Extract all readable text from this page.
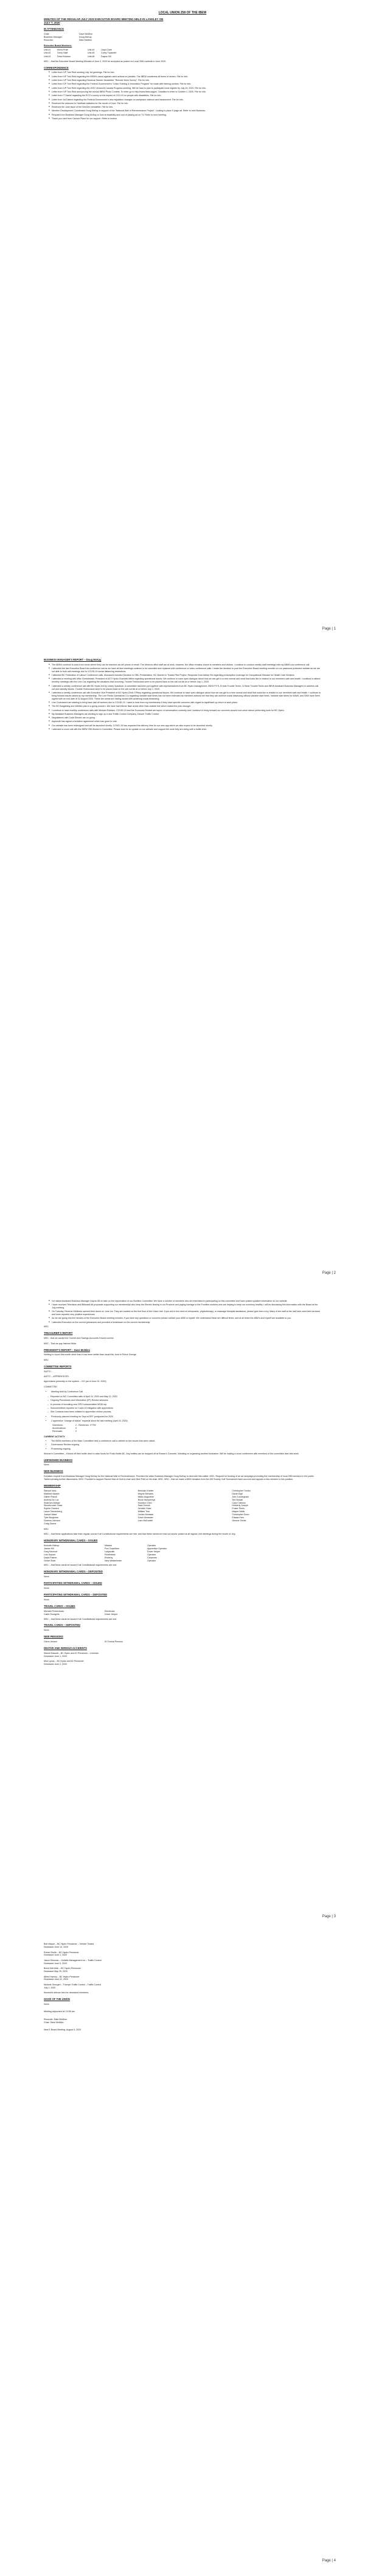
LOCAL UNION 258 OF THE IBEW
MINUTES OF THE REGULAR JULY 2020 EXECUTIVE BOARD MEETING HELD IN LANGLEY ON
JULY 7, 2020
IN ATTENDANCE
Chair:	Dave McMinn
Business Manager:	Doug McKay
Recorder:	Mike McMinn
Executive Board Members:
Unit #1	Kieva Pratt	Unit #4	Lloyd Clark
Unit #2	Gerry Hiatt	Unit #5	Corey Tripsneth
Unit #3	Dean Kolaros	Unit #6	Dayna Gill

MSC – that the Executive Board Meeting Minutes of June 2, 2020 be accepted as posted on Local 258's website in June 2020.

CORRESPONDENCE
■ Letter from IVP Tom Reid sending July 1st greetings. File for info.
■ Letter from IVP Tom Reid regarding the IBEW's stand against racist actions on jobsites. The IBEW condemns all forms of racism. File for info.
■ Letter from IVP Tom Reid regarding Electrical Worker Newsletter "Remote Work Survey". File for info.
■ Letter from IVP Tom Reid regarding the Federal Government's "Union Training & Innovation Program" for trade with training centres. File for info.
■ Letter from IVP Tom Reid regarding the 2020 Virtual All Canada Progress meeting. Will be hard to plan to participate must register by July 24, 2020. File for info.
■ Letter from IVP Tom Reid announcing the annual IBEW Photo Contest. To enter go to http://www.ibew.org/pc/. Deadline to enter is October 1, 2020. File for info.
■ Letter from IT Daniel regarding the ECC's survey on the impact of COV-19 on people with disabilities. File for info.
■ Letter from 1st District regarding the Federal Government's new regulation changes on workplace violence and harassment. File for info.
■ Received the welcome to Hardhats statistics for the month of June. File for info.
■ Received the June issue of the NexGen newsletter. File for info.
■ Member Development Coordinator Doug McKay in support of the "National Wall of Remembrance Project". Looking to place 5 page ad. Refer to next Business.
■ Request from Business Manager Doug McKay to look at feasibility and cost of placing ad on TV. Refer to next meeting.
■ Thank you card from Canuck Place for our support. Refer to motion.
Page | 1
BUSINESS MANAGER'S REPORT – Doug McKay
■ The ABM's continue to work from home where they can be reached via cell phone or email. The Minerva office staff are at work, however, the office remains closed to members and visitors. I continue to conduct weekly staff meetings with my ABM's via conference call.
■ I attended the last Executive Board via conference call as we have all face meetings continue to be cancelled and replaced with conference or video conference calls. I made the decision to post the Executive Board meeting minutes on our password protected website as we are not able to hold unit meetings due to COVID-19 social distancing restrictions.
■ I attended BC Federation of Labour Conference calls, discussed included Decision to GBC Presentation, BC Women in Trades Pilot Project, Response from Adrian Dix regarding presumptive coverage for Occupational Disease for Health Care Workers.
■ I attended a meeting with Mike Chmielewski, President of AGT Hydro Charlotte Mitha regarding operational issues. We continue to have open dialogue about how we can get to a new normal and what that looks like in relation to our members safe and health. I continue to attend monthly meetings with the Line Cos regarding the situations that occurring. Trouble Technicians were to be placed back on the call out list at or before July 1, 2020.
■ I attended a weekly conference call with BC Hydro led by Lesley Spaulsub. A committee has been put together with representatives from BC Hydro management, IBEW FVTL B heat Trouble Techs, 13 Near Trouble Techs and IBEW Assistant Business Managers to address call out and standby issues. Trouble Technicians were to be placed back on the call out list at or before July 1, 2020.
■ I attended a weekly conference call with Executive Vice President of BC Hydro Chris O'Riley regarding operational issues. We continue to have open dialogue about how we can get to a new normal and what that looks like in relation to our members safe and health. I continue to bring forward issues raised by my membership. The Line Fields Operations LCs regarding variable start times has not been extended as members advised me that they can achieve social distancing without variable start times. Variable start times for MAWL and GMV have been signed with an end date of 31 August 2020. These two areas are having issues with achieving social distancing.
■ Line Contractors are starting to bring back laid off workers due to COVID-19. I want to hear from my membership if they have specific concerns with regard to layoff/start up return to work plans.
■ The BC Bargaining and Welfare plan is a going concern. We have had interior flash areas other than outside line which makes the plan stronger.
■ I continue to have monthly conference calls with Minister Robbins. COVID-19 and the Economic Restart are topics of conversation currently and I continue to bring forward our concerns around non-union labour performing work for BC Hydro.
■ My Assistant Business Managers are working to sign up a new Traffic Control Company, Dancer Traffic Control.
■ Negotiations with Code Electric are on going.
■ Asplundh has signed a tentative agreement which has gone to vote.
■ Our website has been redesigned and will be launched shortly. COVID-19 has impacted the delivery time for our new app which we also expect to be launched shortly.
■ I attended a zoom call with the IBEW 258 Women's Committee. Please look for an update on our website and support the work they are doing with a bottle drive.
Page | 2
■ I've asked Assistant Business Manager Dayna Gill to take on the rejuvenation of our Bonfilon Committee. We have a number of members who are interested in participating on this committee and have posted updated information on our website.
■ I have received Television and Billboard Ad proposals supporting our membership who keep the Electric flowing in our Province and paying homage to the Frontline workers who are helping to keep our economy healthy. I will be discussing this information with the Board at the July meeting.
■ On Tuesday, Reverse Wellness opened their doors on June 1st. They are located on the first floor of the Union Hall. If you are in the need of chiropractic, physiotherapy, or massage therapist assistance, please give them a try. Many of the staff at the hall have used their services and have reported very positive experiences.
■ As we are going into the minutes of the Executive Board meeting minutes, if you have any questions or concerns please contact your ABM or myself. We understand these are difficult times, and at all times the ABM's and myself are available to you.
■ I attended Executive on the current grievances and provided a breakdown on the current membership.

MSC

TREASURER'S REPORT

MSC - that we accept the Current and Savings Accounts if found correct.

MSC - That we pay Internet Wide.

PRESIDENT'S REPORT – Dave McMinn

Nothing to report this month other than it has been wetter than usual this June in Prince George.

MSC

COMMITTEE REPORTS

SAFTC: -

AATTC – APPRENTICES:

Apprentices presently on the system – 110 (as of June 24, 2020)

COMMITTEE:

• Meeting held by Conference Call
– Reported on MC Committee calls of April 24, 2020 and May 12, 2020
– Ongoing Procedures and Information (IPI) Review sessions
– In process of recruiting new GPO subcommittee MSW rep
– Subcommittees reported on Covid-19 mitigation with apprentices
– Site Contacts have been initiated to apprentice review process.
• Previously planned meeting for Sept at SFF, postponed for 2020
• 2 apprentice "change of status" requests since the last meeting (April 23, 2020)
Videotions:	2 - Electrician, VTTM
Accelerations:	0
Removals:	0
CURRENT ACTIVITY
• The IBEW members of the Main Committee held a conference call to debrief on the issues that were raised.
• Governance Review ongoing
• Processing ongoing

Women's Committee – Kicked off their bottle drive to raise funds for Fresh Bottle BC. Any bottles can be dropped off at Rowan's Concrete, Wedding on organizing another fundraiser. Will be holding a zoom conference with members of the committee later this week.

UNFINISHED BUSINESS

None.

NEW BUSINESS

Donation request from Business Manager Doug McKay for the National Wall of Remembrance. Provided the wider Business Manager Doug McKay to deal with this matter. MSC. Request for funding of an ad campaign promoting the membership of local 258 members in the public. Tabled pending further discussions. MSC. Provided to support Rachel Mac at Gold A chair and Glick Petit on his chair. MSC. MSC - that we make a $500 donation from the MS Society Golf Tournament bank account and appoint a new member to this position.

MEMBERSHIP
Samuel Isbic	Brendan Kneifer	Christopher Trosko
Matthew Marker	Wayne Menzies	David Digit
Gilbert Pasolt	Mikko Augustine	Jole Cunningham
Andrew De Luz	Brock Humphreys	Ted Siddall
Shahram Abbasi	Houston Chen	Cara Chinicks
Stonebrooke Shaw	Sara Groves	Kimberly Joseph
Sophie Gowerd	Jennifer Kase	Fraser Peers
Lance Tannenberg	William Trav	Wayne Wells
Joseph Mace	Jordan Almasan	Christopher Dunn
Tyler Borghese	Gavin Almasian	Edward Heu
Deanna Johnson	Liam McDowell	Simone Shultz
Craig Gaone

MSC

MSC – that these applications take their regular course if all Constitutional requirements are met, and that these names be read out and/or posted at all regular Unit meetings during the month of July.

HONORARY WITHDRAWAL CARDS – ISSUED
Kenneth Bishop	Mission	Operator
James Hill	Port Coquitlam	Apprentice Operator
Greg Kenmuir	Ladysmith	Driver Helper
Lois Dupont	Revelstoke	Operator
David Palmer	Enderby	Carpenter
Gebar Shab	New Westminster	Operator

MSC – that these cards be issued if all Constitutional requirements are met.

HONORARY WITHDRAWAL CARDS – DEPOSITED

None.

PARTICIPATING WITHDRAWAL CARDS – ISSUED

None.

PARTICIPATING WITHDRAWAL CARDS – DEPOSITED

None.

TRAVEL CARDS – ISSUED
Michael Penezdovav	Electrician
Caleb Roorgells	Driver Helper

MSC – that these cards be issued if all Constitutional requirements are met.

TRAVEL CARDS – DEPOSITED

None.

NEW PENSIONS
Glenn Jensen	ID Formal Pension
DEATHS AND SERIOUS ACCIDENTS

Marcel Dassait – BC Hydro and ID Pensioner – Lineman

Deceased June 1, 2020

Muir Lyons – BC Hydro and ID Pensioner

Deceased June 2, 2020

Page | 3

Bob Mayse – BC Hydro Pensioner – Vehicle Trades

Deceased June 14, 2020

Robert Smith – BC Hydro Pensioner

Deceased June 1, 2020

Jason Dimovsk – Goltafix Management Inc – Traffic Control

Deceased June 5, 2020

Brent McKritick – BC Hydro Pensioner

Deceased May 29, 2020

Alfred Harvey – BC Hydro Pensioner

Deceased June 22, 2020

Melanie Georgeri – Triumph Traffic Control – Traffic Control

July 1, 2020

Moment's silence held for deceased members.

GOOD OF THE UNION

None.

Meeting adjourned at: 10:55 am

Recorder: Mike McMinn

Chair: Dave McMinn

Next E Board Meeting: August 5, 2020

Page | 4
